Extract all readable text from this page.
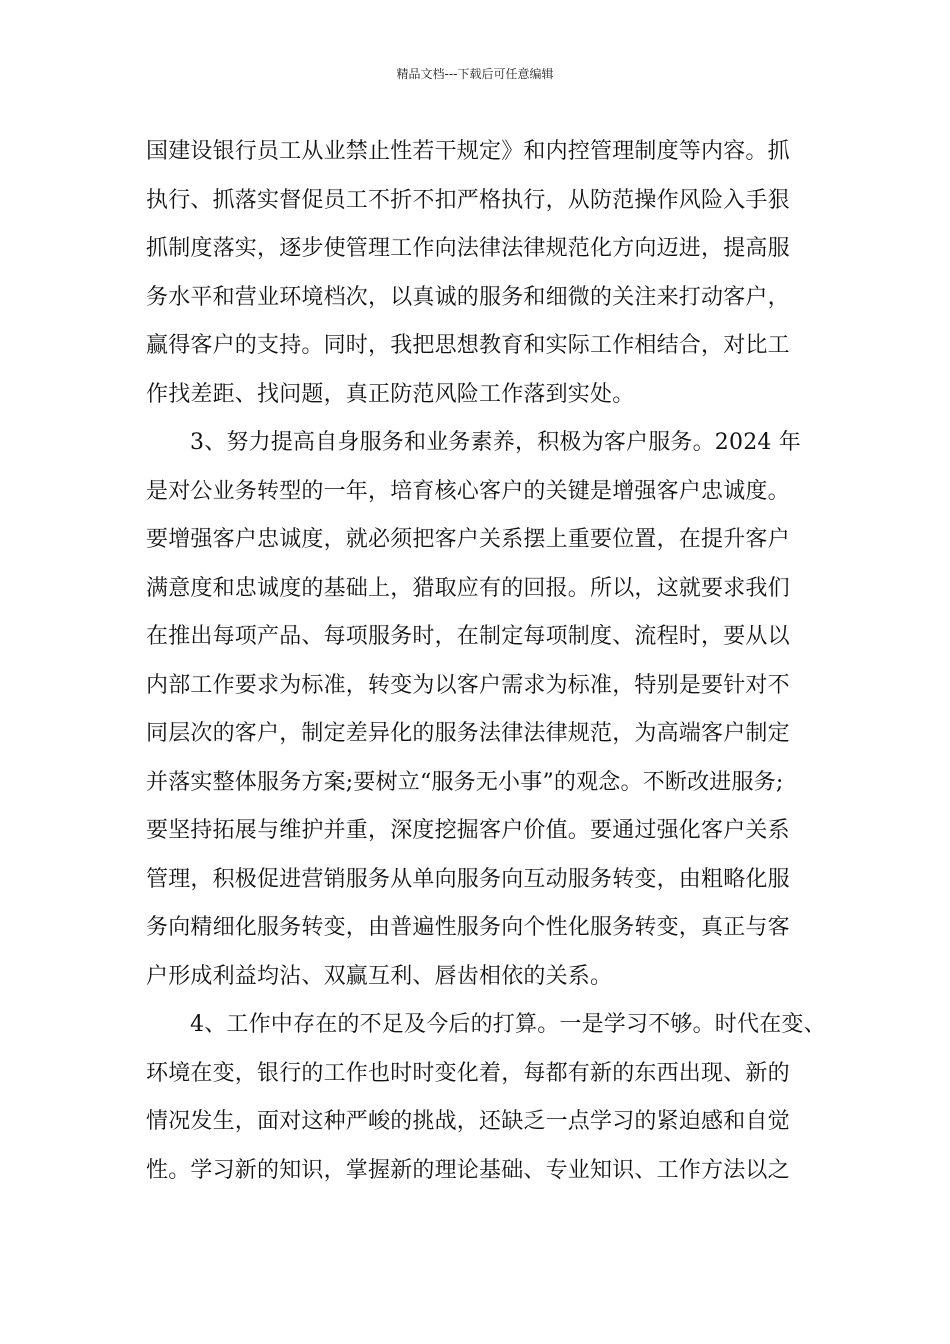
精品文档---下载后可任意编辑
国建设银行员工从业禁止性若干规定》和内控管理制度等内容。抓
执行、抓落实督促员工不折不扣严格执行，从防范操作风险入手狠
抓制度落实，逐步使管理工作向法律法律规范化方向迈进，提高服
务水平和营业环境档次，以真诚的服务和细微的关注来打动客户，
赢得客户的支持。同时，我把思想教育和实际工作相结合，对比工
作找差距、找问题，真正防范风险工作落到实处。
3、努力提高自身服务和业务素养，积极为客户服务。2024 年
是对公业务转型的一年，培育核心客户的关键是增强客户忠诚度。
要增强客户忠诚度，就必须把客户关系摆上重要位置，在提升客户
满意度和忠诚度的基础上，猎取应有的回报。所以，这就要求我们
在推出每项产品、每项服务时，在制定每项制度、流程时，要从以
内部工作要求为标准，转变为以客户需求为标准，特别是要针对不
同层次的客户，制定差异化的服务法律法律规范，为高端客户制定
并落实整体服务方案;要树立“服务无小事”的观念。不断改进服务;
要坚持拓展与维护并重，深度挖掘客户价值。要通过强化客户关系
管理，积极促进营销服务从单向服务向互动服务转变，由粗略化服
务向精细化服务转变，由普遍性服务向个性化服务转变，真正与客
户形成利益均沾、双赢互利、唇齿相依的关系。
4、工作中存在的不足及今后的打算。一是学习不够。时代在变、
环境在变，银行的工作也时时变化着，每都有新的东西出现、新的
情况发生，面对这种严峻的挑战，还缺乏一点学习的紧迫感和自觉
性。学习新的知识，掌握新的理论基础、专业知识、工作方法以之
